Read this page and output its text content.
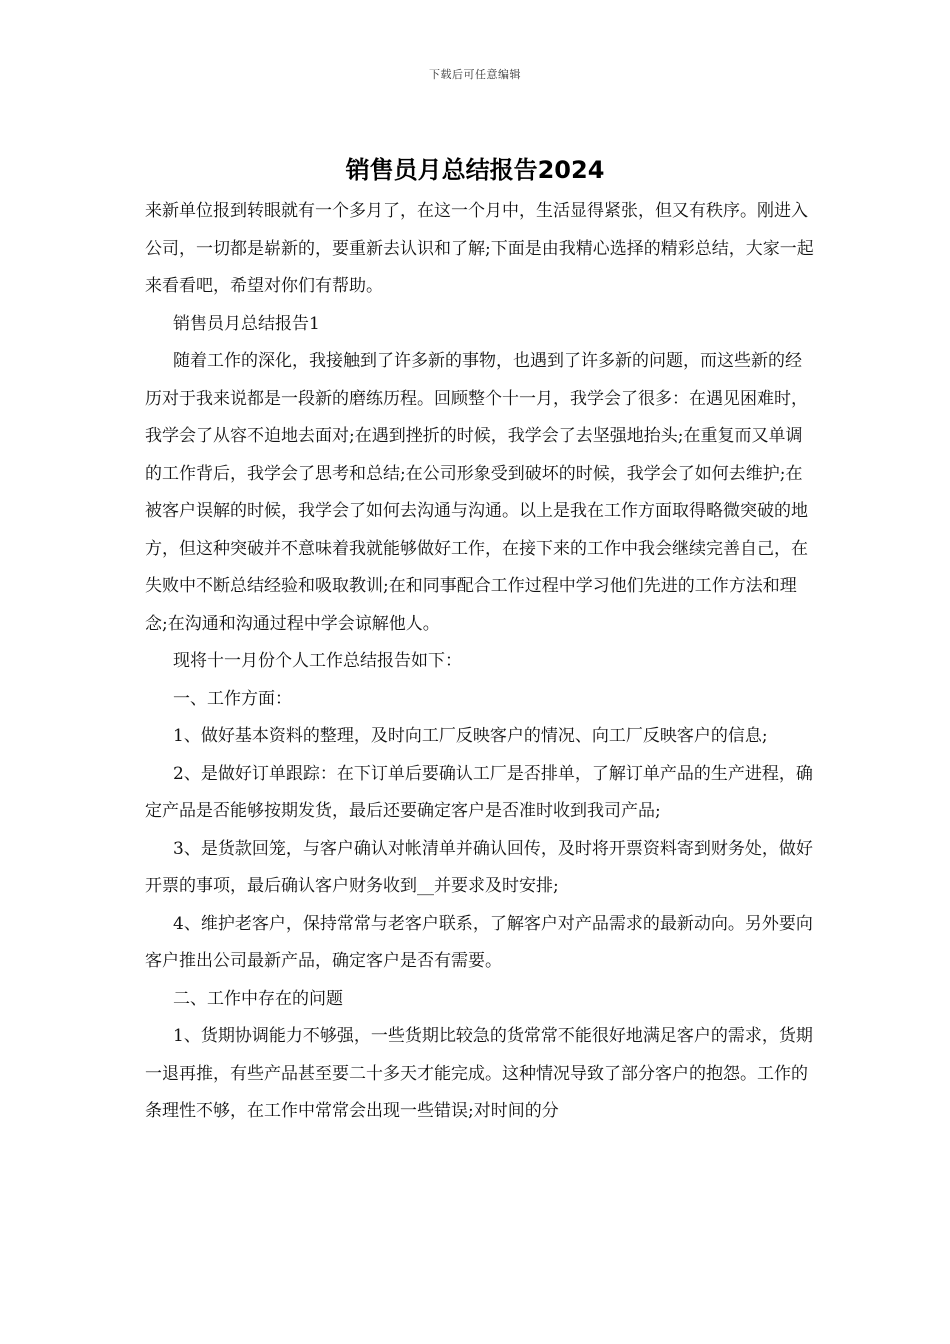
下载后可任意编辑
销售员月总结报告2024

来新单位报到转眼就有一个多月了，在这一个月中，生活显得紧张，但又有秩序。刚进入公司，一切都是崭新的，要重新去认识和了解;下面是由我精心选择的精彩总结，大家一起来看看吧，希望对你们有帮助。

销售员月总结报告1

随着工作的深化，我接触到了许多新的事物，也遇到了许多新的问题，而这些新的经历对于我来说都是一段新的磨练历程。回顾整个十一月，我学会了很多：在遇见困难时，我学会了从容不迫地去面对;在遇到挫折的时候，我学会了去坚强地抬头;在重复而又单调的工作背后，我学会了思考和总结;在公司形象受到破坏的时候，我学会了如何去维护;在被客户误解的时候，我学会了如何去沟通与沟通。以上是我在工作方面取得略微突破的地方，但这种突破并不意味着我就能够做好工作，在接下来的工作中我会继续完善自己，在失败中不断总结经验和吸取教训;在和同事配合工作过程中学习他们先进的工作方法和理念;在沟通和沟通过程中学会谅解他人。

现将十一月份个人工作总结报告如下：

一、工作方面：

1、做好基本资料的整理，及时向工厂反映客户的情况、向工厂反映客户的信息;

2、是做好订单跟踪：在下订单后要确认工厂是否排单，了解订单产品的生产进程，确定产品是否能够按期发货，最后还要确定客户是否准时收到我司产品;

3、是货款回笼，与客户确认对帐清单并确认回传，及时将开票资料寄到财务处，做好开票的事项，最后确认客户财务收到__并要求及时安排;

4、维护老客户，保持常常与老客户联系，了解客户对产品需求的最新动向。另外要向客户推出公司最新产品，确定客户是否有需要。

二、工作中存在的问题

1、货期协调能力不够强，一些货期比较急的货常常不能很好地满足客户的需求，货期一退再推，有些产品甚至要二十多天才能完成。这种情况导致了部分客户的抱怨。工作的条理性不够，在工作中常常会出现一些错误;对时间的分
